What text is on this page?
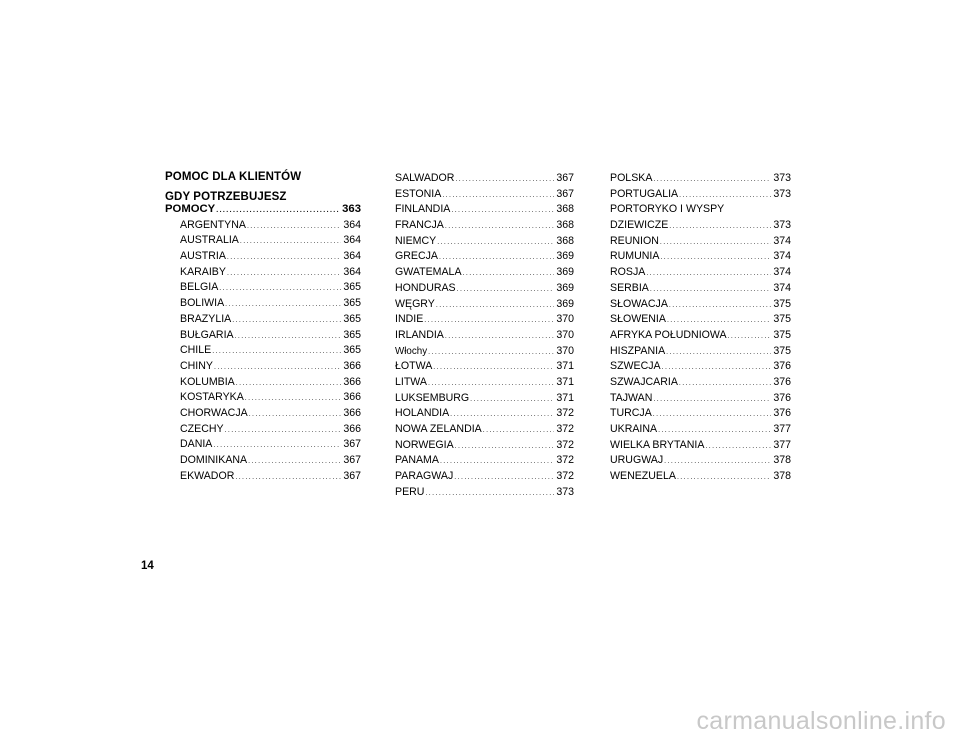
POMOC DLA KLIENTÓW
GDY POTRZEBUJESZ
POMOCY .....	363
ARGENTYNA .....	364
AUSTRALIA .....	364
AUSTRIA .....	364
KARAIBY .....	364
BELGIA .....	365
BOLIWIA .....	365
BRAZYLIA .....	365
BUŁGARIA .....	365
CHILE .....	365
CHINY .....	366
KOLUMBIA .....	366
KOSTARYKA .....	366
CHORWACJA .....	366
CZECHY .....	366
DANIA .....	367
DOMINIKANA .....	367
EKWADOR .....	367
SALWADOR .....	367
ESTONIA .....	367
FINLANDIA .....	368
FRANCJA .....	368
NIEMCY .....	368
GRECJA .....	369
GWATEMALA .....	369
HONDURAS .....	369
WĘGRY .....	369
INDIE .....	370
IRLANDIA .....	370
Włochy .....	370
ŁOTWA .....	371
LITWA .....	371
LUKSEMBURG .....	371
HOLANDIA .....	372
NOWA ZELANDIA .....	372
NORWEGIA .....	372
PANAMA .....	372
PARAGWAJ .....	372
PERU .....	373
POLSKA .....	373
PORTUGALIA .....	373
PORTORYKO I WYSPY
DZIEWICZE .....	373
REUNION .....	374
RUMUNIA .....	374
ROSJA .....	374
SERBIA .....	374
SŁOWACJA .....	375
SŁOWENIA .....	375
AFRYKA POŁUDNIOWA .....	375
HISZPANIA .....	375
SZWECJA .....	376
SZWAJCARIA .....	376
TAJWAN .....	376
TURCJA .....	376
UKRAINA .....	377
WIELKA BRYTANIA .....	377
URUGWAJ .....	378
WENEZUELA .....	378
14
carmanualsonline.info
